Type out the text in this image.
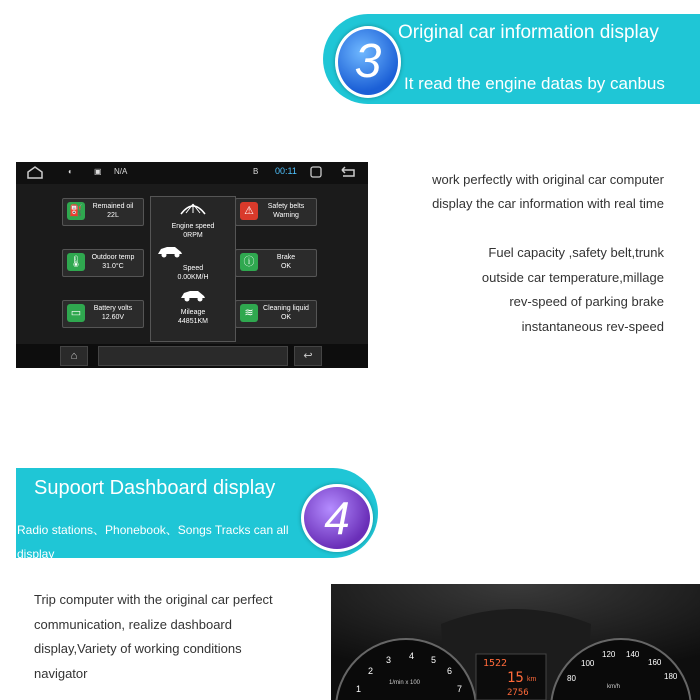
Original car information display
It read the engine datas by canbus
3
◐	▣ N/A	B 00:11
⛽	Remained oil
22L
🌡	Outdoor temp
31.0°C
▭	Battery volts
12.60V
⚠	Safety belts
Warning
ⓘ	Brake
OK
≋	Cleaning liquid
OK
Engine speed
0RPM
Speed
0.00KM/H
Mileage
44851KM
⌂	↩
work perfectly with original car computer
display the car information with real time
Fuel capacity ,safety belt,trunk
outside car temperature,millage
rev-speed of parking brake
instantaneous rev-speed
Supoort Dashboard display
Radio stations、Phonebook、Songs Tracks can all display
4
Trip computer with the original car perfect communication, realize dashboard display,Variety of working conditions navigator
1522
15 km
2756
1/min x 100
km/h
1
2
3 4 5
6
7
80
100
120 140
160
180
